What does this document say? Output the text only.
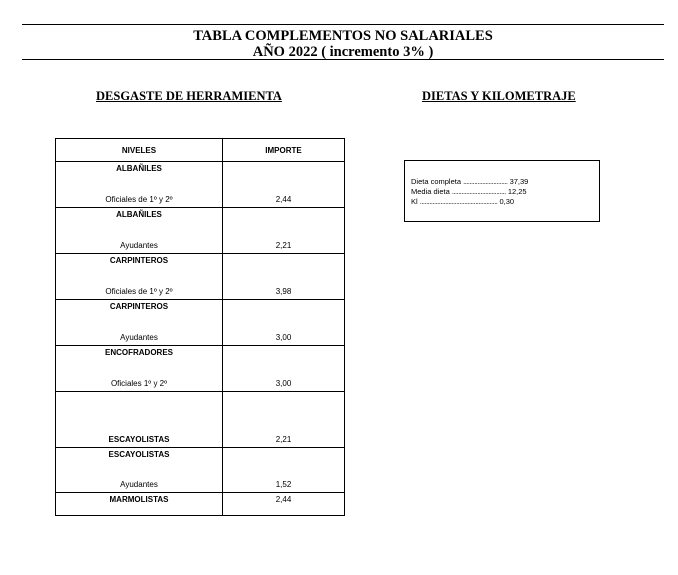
TABLA COMPLEMENTOS NO SALARIALES
AÑO 2022 ( incremento 3% )
DESGASTE DE HERRAMIENTA	DIETAS Y KILOMETRAJE
NIVELES	IMPORTE

ALBAÑILES
Oficiales de 1º y 2º	2,44

ALBAÑILES
Ayudantes	2,21

CARPINTEROS
Oficiales de 1º y 2º	3,98

CARPINTEROS
Ayudantes	3,00

ENCOFRADORES
Oficiales 1º y 2º	3,00

ESCAYOLISTAS	2,21

ESCAYOLISTAS
Ayudantes	1,52

MARMOLISTAS	2,44
Dieta completa ............................ 37,39
Media dieta .................................. 12,25
Kl ................................................. 0,30
